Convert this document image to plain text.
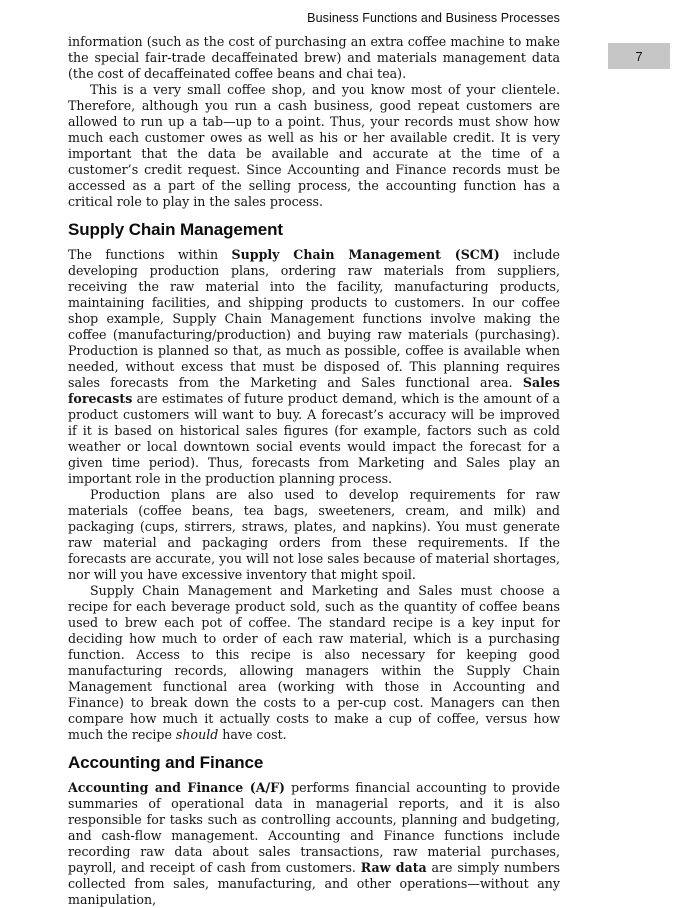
Business Functions and Business Processes
7

information (such as the cost of purchasing an extra coffee machine to make the special fair-trade decaffeinated brew) and materials management data (the cost of decaffeinated coffee beans and chai tea).

This is a very small coffee shop, and you know most of your clientele. Therefore, although you run a cash business, good repeat customers are allowed to run up a tab—up to a point. Thus, your records must show how much each customer owes as well as his or her available credit. It is very important that the data be available and accurate at the time of a customer’s credit request. Since Accounting and Finance records must be accessed as a part of the selling process, the accounting function has a critical role to play in the sales process.

Supply Chain Management

The functions within Supply Chain Management (SCM) include developing production plans, ordering raw materials from suppliers, receiving the raw material into the facility, manufacturing products, maintaining facilities, and shipping products to customers. In our coffee shop example, Supply Chain Management functions involve making the coffee (manufacturing/production) and buying raw materials (purchasing). Production is planned so that, as much as possible, coffee is available when needed, without excess that must be disposed of. This planning requires sales forecasts from the Marketing and Sales functional area. Sales forecasts are estimates of future product demand, which is the amount of a product customers will want to buy. A forecast’s accuracy will be improved if it is based on historical sales figures (for example, factors such as cold weather or local downtown social events would impact the forecast for a given time period). Thus, forecasts from Marketing and Sales play an important role in the production planning process.

Production plans are also used to develop requirements for raw materials (coffee beans, tea bags, sweeteners, cream, and milk) and packaging (cups, stirrers, straws, plates, and napkins). You must generate raw material and packaging orders from these requirements. If the forecasts are accurate, you will not lose sales because of material shortages, nor will you have excessive inventory that might spoil.

Supply Chain Management and Marketing and Sales must choose a recipe for each beverage product sold, such as the quantity of coffee beans used to brew each pot of coffee. The standard recipe is a key input for deciding how much to order of each raw material, which is a purchasing function. Access to this recipe is also necessary for keeping good manufacturing records, allowing managers within the Supply Chain Management functional area (working with those in Accounting and Finance) to break down the costs to a per-cup cost. Managers can then compare how much it actually costs to make a cup of coffee, versus how much the recipe should have cost.

Accounting and Finance

Accounting and Finance (A/F) performs financial accounting to provide summaries of operational data in managerial reports, and it is also responsible for tasks such as controlling accounts, planning and budgeting, and cash-flow management. Accounting and Finance functions include recording raw data about sales transactions, raw material purchases, payroll, and receipt of cash from customers. Raw data are simply numbers collected from sales, manufacturing, and other operations—without any manipulation,
